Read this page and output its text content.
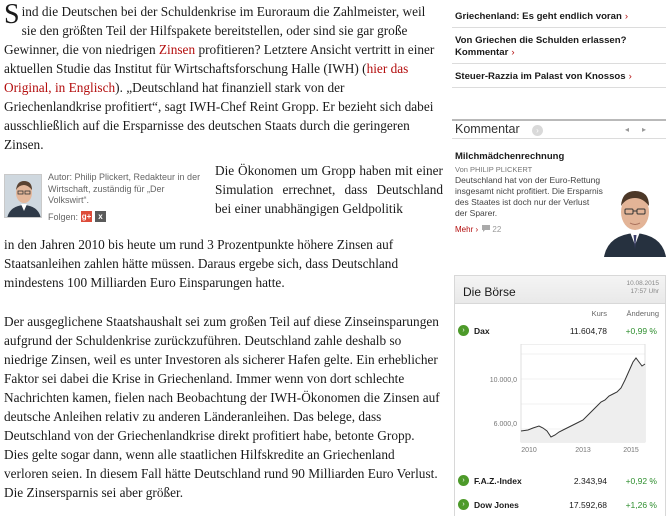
Sind die Deutschen bei der Schuldenkrise im Euroraum die Zahlmeister, weil sie den größten Teil der Hilfspakete bereitstellen, oder sind sie gar große Gewinner, die von niedrigen Zinsen profitieren? Letztere Ansicht vertritt in einer aktuellen Studie das Institut für Wirtschaftsforschung Halle (IWH) (hier das Original, in Englisch). „Deutschland hat finanziell stark von der Griechenlandkrise profitiert“, sagt IWH-Chef Reint Gropp. Er bezieht sich dabei ausschließlich auf die Ersparnisse des deutschen Staats durch die geringeren Zinsen.

Autor: Philip Plickert, Redakteur in der Wirtschaft, zuständig für „Der Volkswirt“.
Folgen: g+ x

Die Ökonomen um Gropp haben mit einer Simulation errechnet, dass Deutschland bei einer unabhängigen Geldpolitik

in den Jahren 2010 bis heute um rund 3 Prozentpunkte höhere Zinsen auf Staatsanleihen zahlen hätte müssen. Daraus ergebe sich, dass Deutschland mindestens 100 Milliarden Euro Einsparungen hatte.

Der ausgeglichene Staatshaushalt sei zum großen Teil auf diese Zinseinsparungen aufgrund der Schuldenkrise zurückzuführen. Deutschland zahle deshalb so niedrige Zinsen, weil es unter Investoren als sicherer Hafen gelte. Ein erheblicher Faktor sei dabei die Krise in Griechenland. Immer wenn von dort schlechte Nachrichten kamen, fielen nach Beobachtung der IWH-Ökonomen die Zinsen auf deutsche Anleihen relativ zu anderen Länderanleihen. Das belege, dass Deutschland von der Griechenlandkrise direkt profitiert habe, betonte Gropp. Dies gelte sogar dann, wenn alle staatlichen Hilfskredite an Griechenland verloren seien. In diesem Fall hätte Deutschland rund 90 Milliarden Euro Verlust. Die Zinsersparnis sei aber größer.

Griechenland: Es geht endlich voran ›
Von Griechen die Schulden erlassen? Kommentar ›
Steuer-Razzia im Palast von Knossos ›
Kommentar	›	◂	▸
Milchmädchenrechnung
Von PHILIP PLICKERT
Deutschland hat von der Euro-Rettung insgesamt nicht profitiert. Die Ersparnis des Staates ist doch nur der Verlust der Sparer.
Mehr ›	22
Die Börse
10.08.2015
17:57 Uhr
Kurs	Änderung
›	Dax	11.604,78 +0,99 %
10.000,0
6.000,0
2010	2013	2015
›	F.A.Z.-Index	2.343,94 +0,92 %
›	Dow Jones	17.592,68 +1,26 %
